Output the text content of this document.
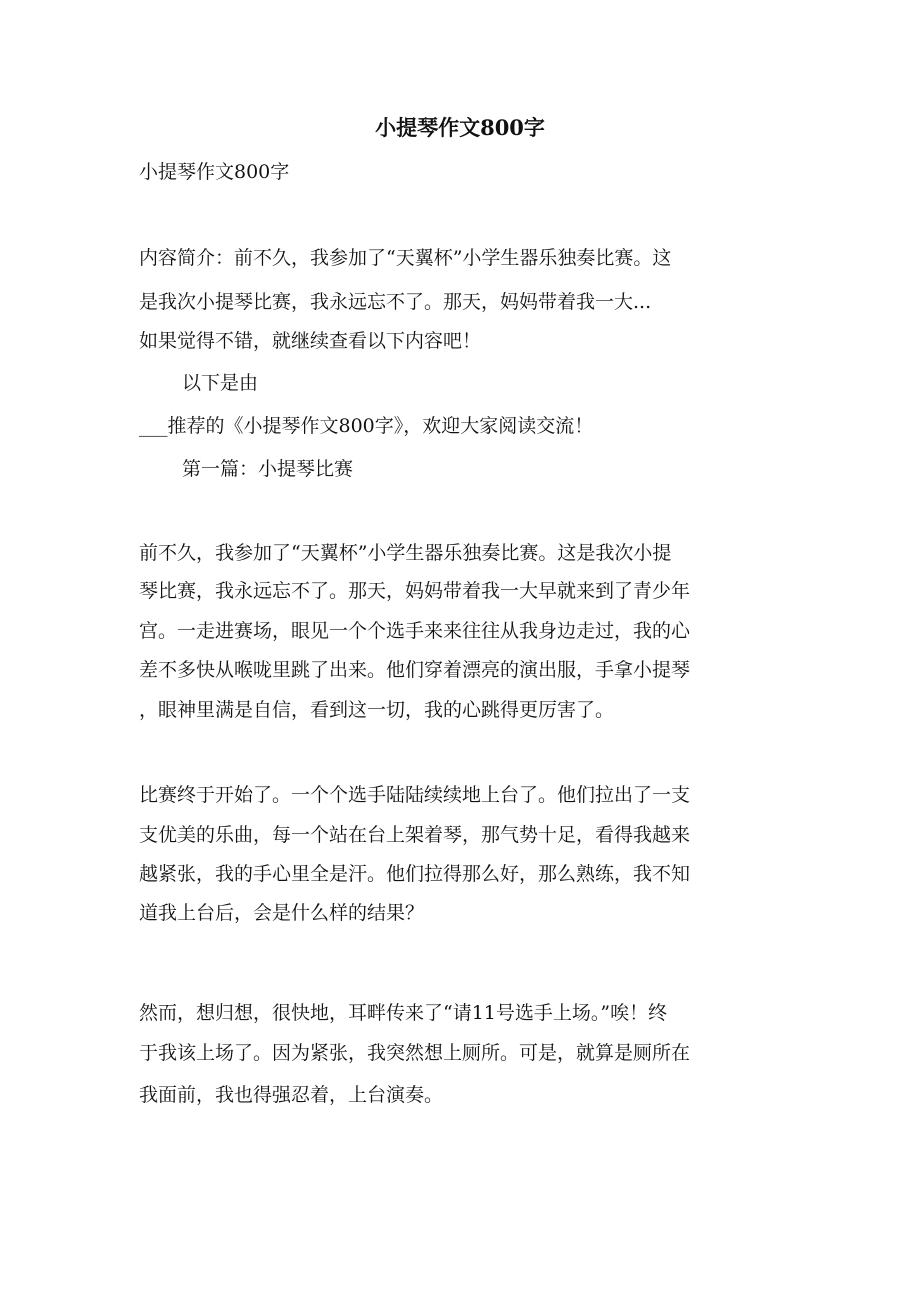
小提琴作文800字

小提琴作文800字

内容简介：前不久，我参加了“天翼杯”小学生器乐独奏比赛。这

是我次小提琴比赛，我永远忘不了。那天，妈妈带着我一大...

如果觉得不错，就继续查看以下内容吧！

以下是由

___推荐的《小提琴作文800字》，欢迎大家阅读交流！

第一篇：小提琴比赛

前不久，我参加了“天翼杯”小学生器乐独奏比赛。这是我次小提

琴比赛，我永远忘不了。那天，妈妈带着我一大早就来到了青少年

宫。一走进赛场，眼见一个个选手来来往往从我身边走过，我的心

差不多快从喉咙里跳了出来。他们穿着漂亮的演出服，手拿小提琴

，眼神里满是自信，看到这一切，我的心跳得更厉害了。

比赛终于开始了。一个个选手陆陆续续地上台了。他们拉出了一支

支优美的乐曲，每一个站在台上架着琴，那气势十足，看得我越来

越紧张，我的手心里全是汗。他们拉得那么好，那么熟练，我不知

道我上台后，会是什么样的结果？

然而，想归想，很快地，耳畔传来了“请11号选手上场。”唉！终

于我该上场了。因为紧张，我突然想上厕所。可是，就算是厕所在

我面前，我也得强忍着，上台演奏。
